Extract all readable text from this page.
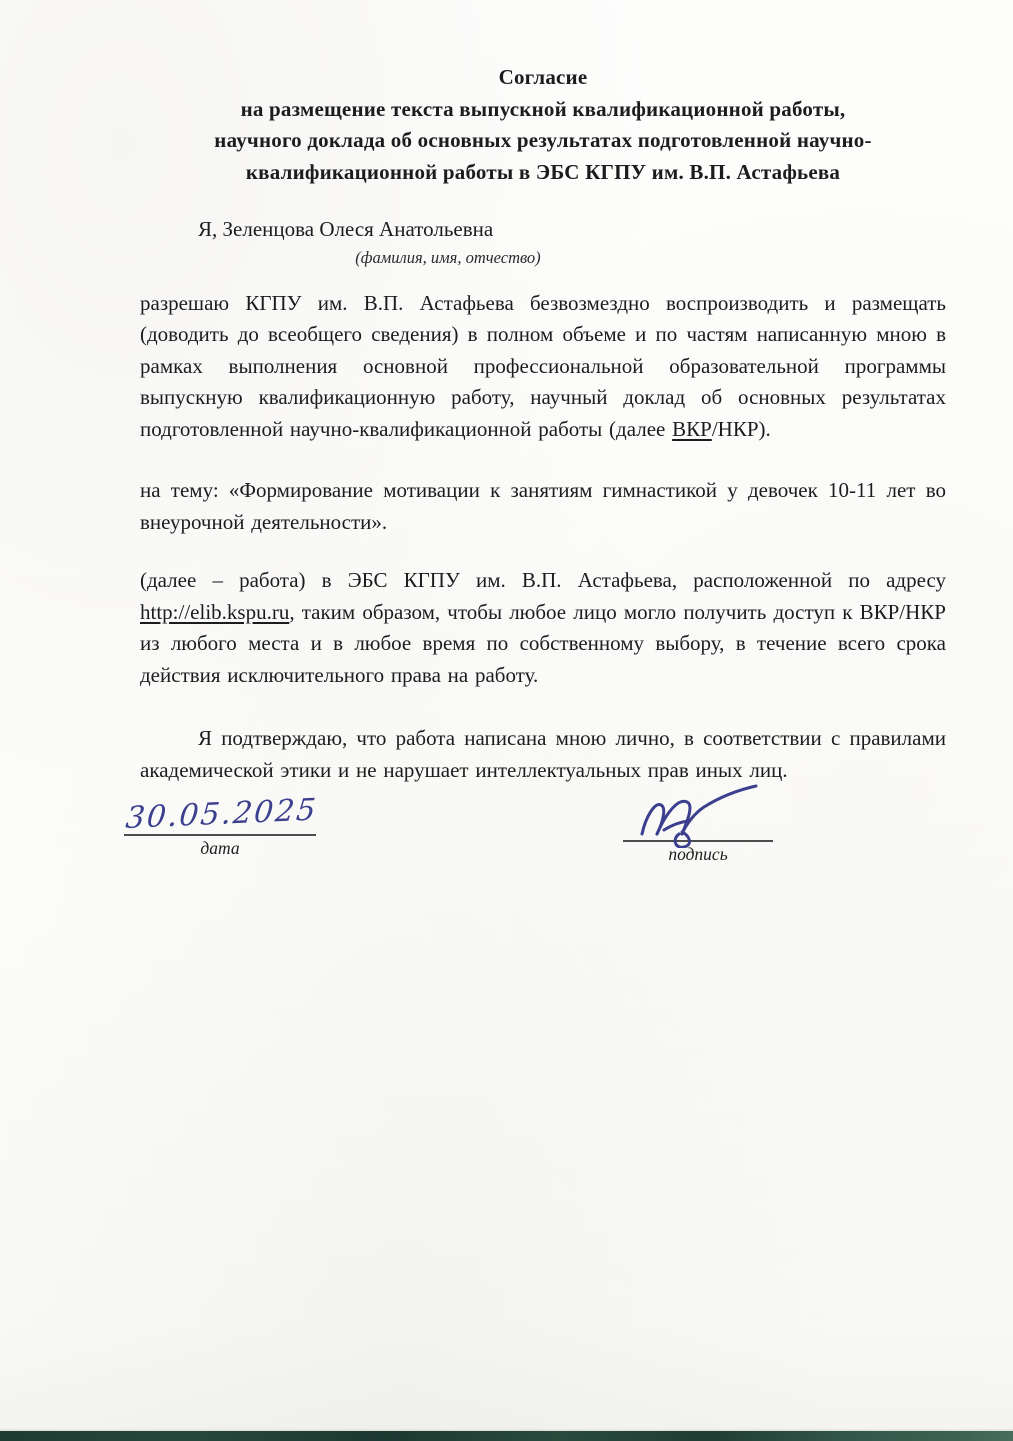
Согласие
на размещение текста выпускной квалификационной работы,
научного доклада об основных результатах подготовленной научно-
квалификационной работы в ЭБС КГПУ им. В.П. Астафьева
Я, Зеленцова Олеся Анатольевна
(фамилия, имя, отчество)
разрешаю КГПУ им. В.П. Астафьева безвозмездно воспроизводить и размещать (доводить до всеобщего сведения) в полном объеме и по частям написанную мною в рамках выполнения основной профессиональной образовательной программы выпускную квалификационную работу, научный доклад об основных результатах подготовленной научно-квалификационной работы (далее ВКР/НКР).
на тему: «Формирование мотивации к занятиям гимнастикой у девочек 10-11 лет во внеурочной деятельности».
(далее – работа) в ЭБС КГПУ им. В.П. Астафьева, расположенной по адресу http://elib.kspu.ru, таким образом, чтобы любое лицо могло получить доступ к ВКР/НКР из любого места и в любое время по собственному выбору, в течение всего срока действия исключительного права на работу.
Я подтверждаю, что работа написана мною лично, в соответствии с правилами академической этики и не нарушает интеллектуальных прав иных лиц.
30.05.2025
дата	подпись
